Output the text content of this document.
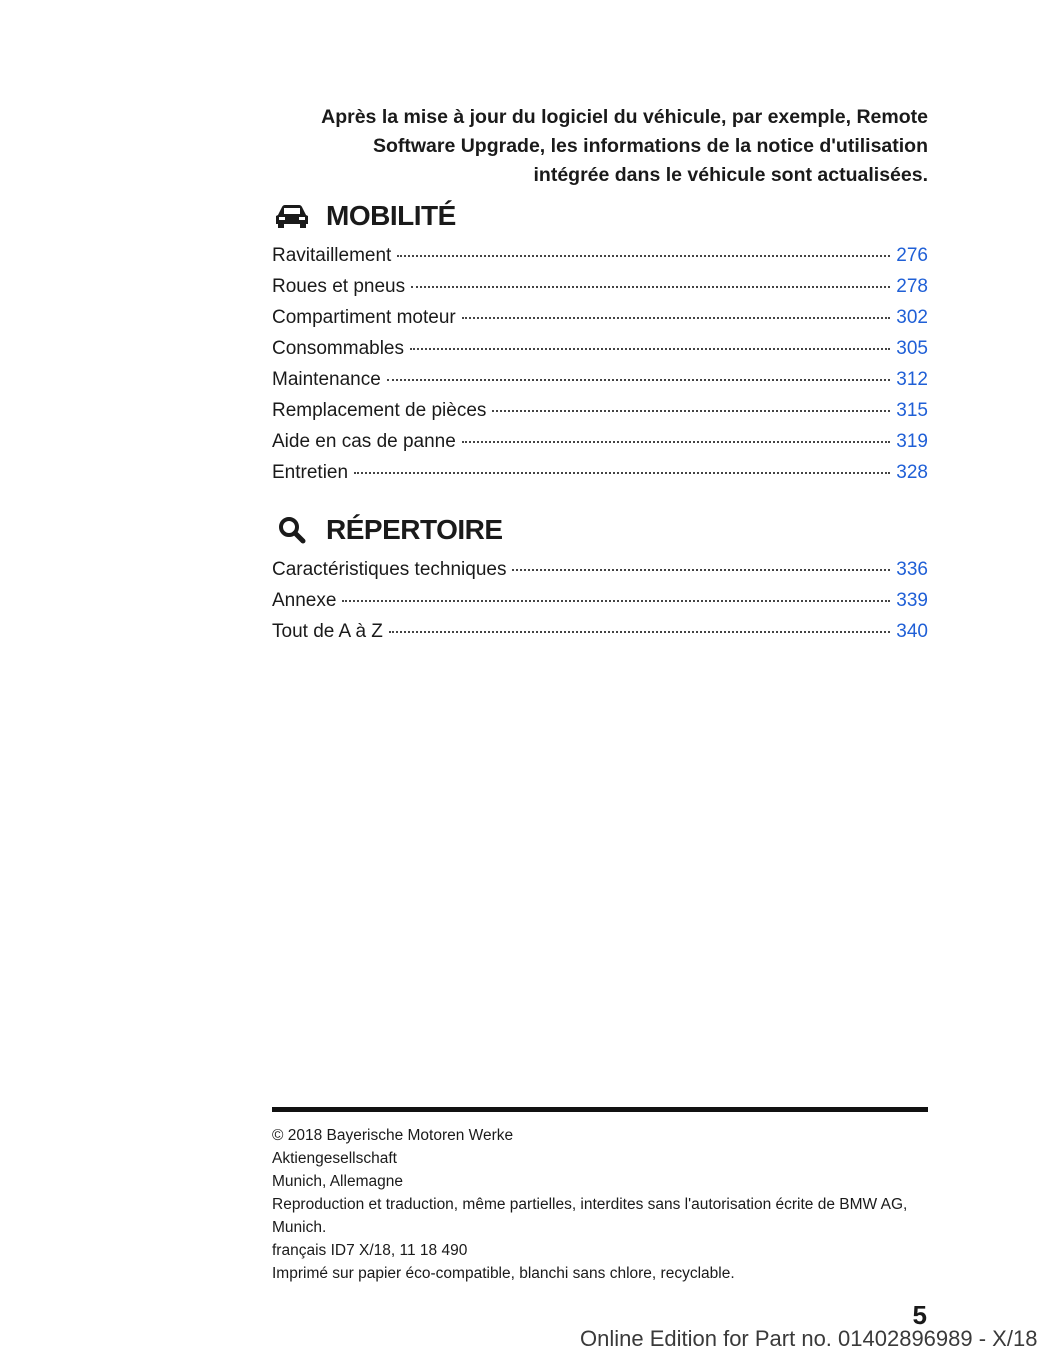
Après la mise à jour du logiciel du véhicule, par exemple, Remote
Software Upgrade, les informations de la notice d'utilisation
intégrée dans le véhicule sont actualisées.
MOBILITÉ
Ravitaillement	276
Roues et pneus	278
Compartiment moteur	302
Consommables	305
Maintenance	312
Remplacement de pièces	315
Aide en cas de panne	319
Entretien	328
RÉPERTOIRE
Caractéristiques techniques	336
Annexe	339
Tout de A à Z	340
© 2018 Bayerische Motoren Werke
Aktiengesellschaft
Munich, Allemagne
Reproduction et traduction, même partielles, interdites sans l'autorisation écrite de BMW AG,
Munich.
français ID7 X/18, 11 18 490
Imprimé sur papier éco-compatible, blanchi sans chlore, recyclable.
5
Online Edition for Part no. 01402896989 - X/18
